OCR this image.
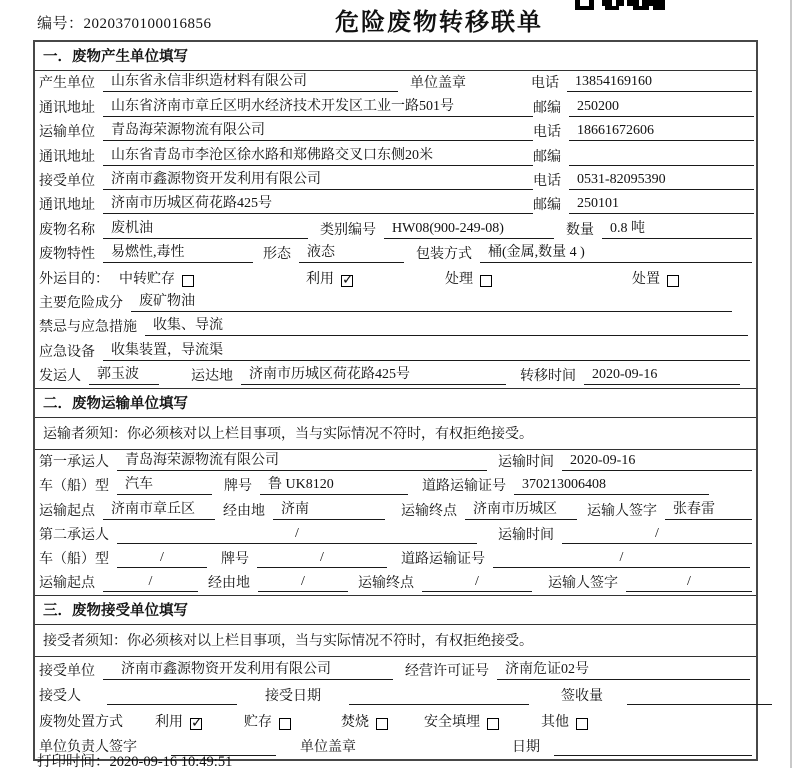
编号：2020370100016856	危险废物转移联单
一．废物产生单位填写
产生单位	山东省永信非织造材料有限公司	单位盖章	电话	13854169160
通讯地址	山东省济南市章丘区明水经济技术开发区工业一路501号	邮编	250200
运输单位	青岛海荣源物流有限公司	电话	18661672606
通讯地址	山东省青岛市李沧区徐水路和郑佛路交叉口东侧20米	邮编
接受单位	济南市鑫源物资开发利用有限公司	电话	0531-82095390
通讯地址	济南市历城区荷花路425号	邮编	250101
废物名称	废机油	类别编号	HW08(900-249-08)	数量	0.8 吨
废物特性	易燃性,毒性	形态	液态	包装方式	桶(金属,数量 4 )
外运目的： 中转贮存	利用 ✓	处理	处置
主要危险成分	废矿物油
禁忌与应急措施	收集、导流
应急设备	收集装置，导流渠
发运人	郭玉波	运达地	济南市历城区荷花路425号	转移时间	2020-09-16
二．废物运输单位填写
运输者须知：你必须核对以上栏目事项，当与实际情况不符时，有权拒绝接受。
第一承运人	青岛海荣源物流有限公司	运输时间	2020-09-16
车（船）型	汽车	牌号	鲁 UK8120	道路运输证号	370213006408
运输起点	济南市章丘区	经由地	济南	运输终点	济南市历城区	运输人签字	张春雷
第二承运人	/	运输时间	/
车（船）型	/	牌号	/	道路运输证号	/
运输起点	/	经由地	/	运输终点	/	运输人签字	/
三．废物接受单位填写
接受者须知：你必须核对以上栏目事项，当与实际情况不符时，有权拒绝接受。
接受单位	济南市鑫源物资开发利用有限公司	经营许可证号	济南危证02号
接受人	接受日期	签收量
废物处置方式 利用 ✓	贮存	焚烧	安全填埋	其他
单位负责人签字	单位盖章	日期
打印时间：2020-09-16 10:49:51
